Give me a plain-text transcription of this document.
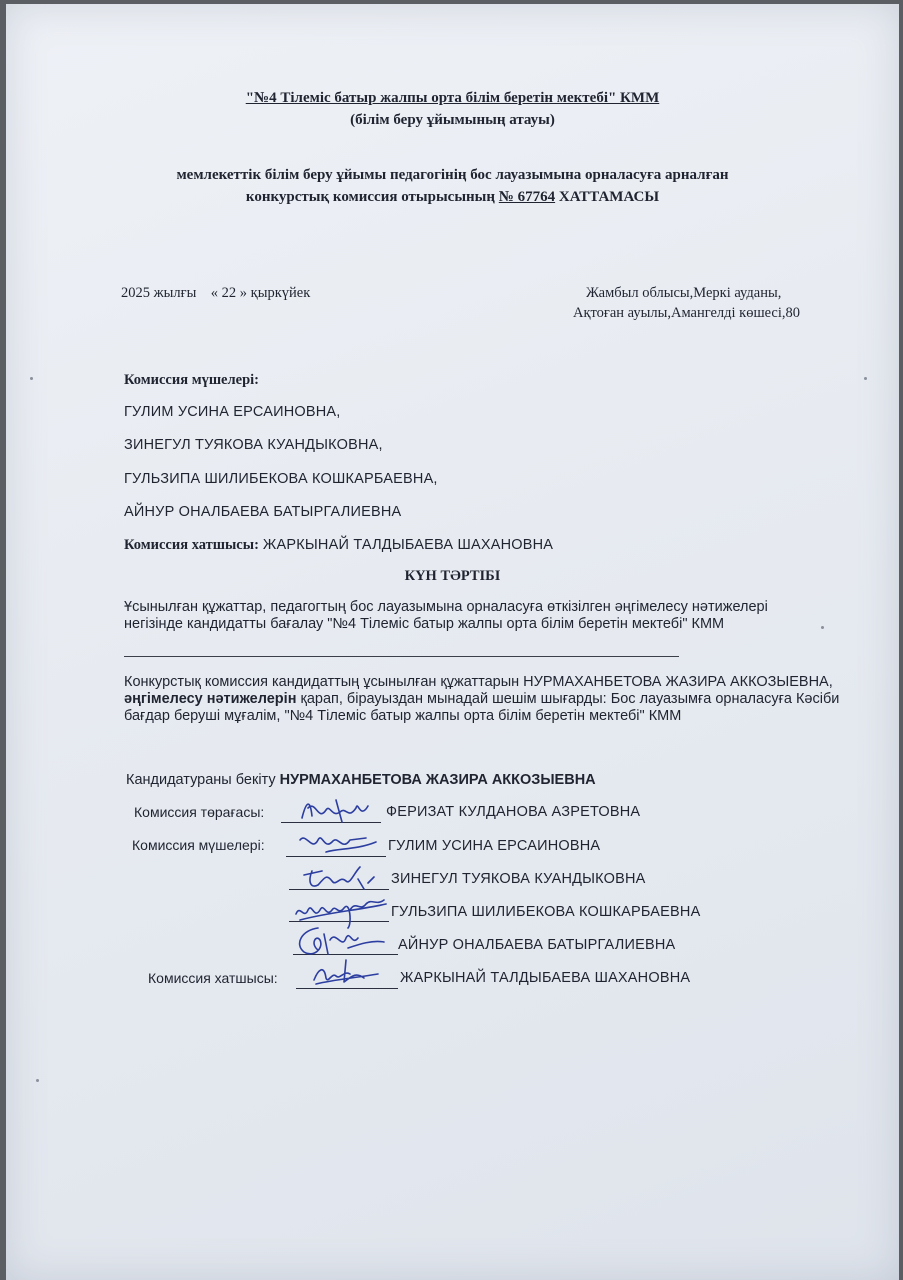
"№4 Тілеміс батыр жалпы орта білім беретін мектебі" КММ
(білім беру ұйымының атауы)
мемлекеттік білім беру ұйымы педагогінің бос лауазымына орналасуға арналған
конкурстық комиссия отырысының № 67764 ХАТТАМАСЫ
2025 жылғы    « 22 » қыркүйек	Жамбыл облысы,Меркі ауданы,
Ақтоған ауылы,Амангелді көшесі,80
Комиссия мүшелері:
ГУЛИМ УСИНА ЕРСАИНОВНА,
ЗИНЕГУЛ ТУЯКОВА КУАНДЫКОВНА,
ГУЛЬЗИПА ШИЛИБЕКОВА КОШКАРБАЕВНА,
АЙНУР ОНАЛБАЕВА БАТЫРГАЛИЕВНА
Комиссия хатшысы: ЖАРКЫНАЙ ТАЛДЫБАЕВА ШАХАНОВНА
КҮН ТӘРТІБІ
Ұсынылған құжаттар, педагогтың бос лауазымына орналасуға өткізілген әңгімелесу нәтижелері негізінде кандидатты бағалау "№4 Тілеміс батыр жалпы орта білім беретін мектебі" КММ
Конкурстық комиссия кандидаттың ұсынылған құжаттарын НУРМАХАНБЕТОВА ЖАЗИРА АККОЗЫЕВНА, әңгімелесу нәтижелерін қарап, бірауыздан мынадай шешім шығарды: Бос лауазымға орналасуға Кәсіби бағдар беруші мұғалім, "№4 Тілеміс батыр жалпы орта білім беретін мектебі" КММ
Кандидатураны бекіту НУРМАХАНБЕТОВА ЖАЗИРА АККОЗЫЕВНА
Комиссия төрағасы:	ФЕРИЗАТ КУЛДАНОВА АЗРЕТОВНА
Комиссия мүшелері:	ГУЛИМ УСИНА ЕРСАИНОВНА
ЗИНЕГУЛ ТУЯКОВА КУАНДЫКОВНА
ГУЛЬЗИПА ШИЛИБЕКОВА КОШКАРБАЕВНА
АЙНУР ОНАЛБАЕВА БАТЫРГАЛИЕВНА
Комиссия хатшысы:	ЖАРКЫНАЙ ТАЛДЫБАЕВА ШАХАНОВНА
